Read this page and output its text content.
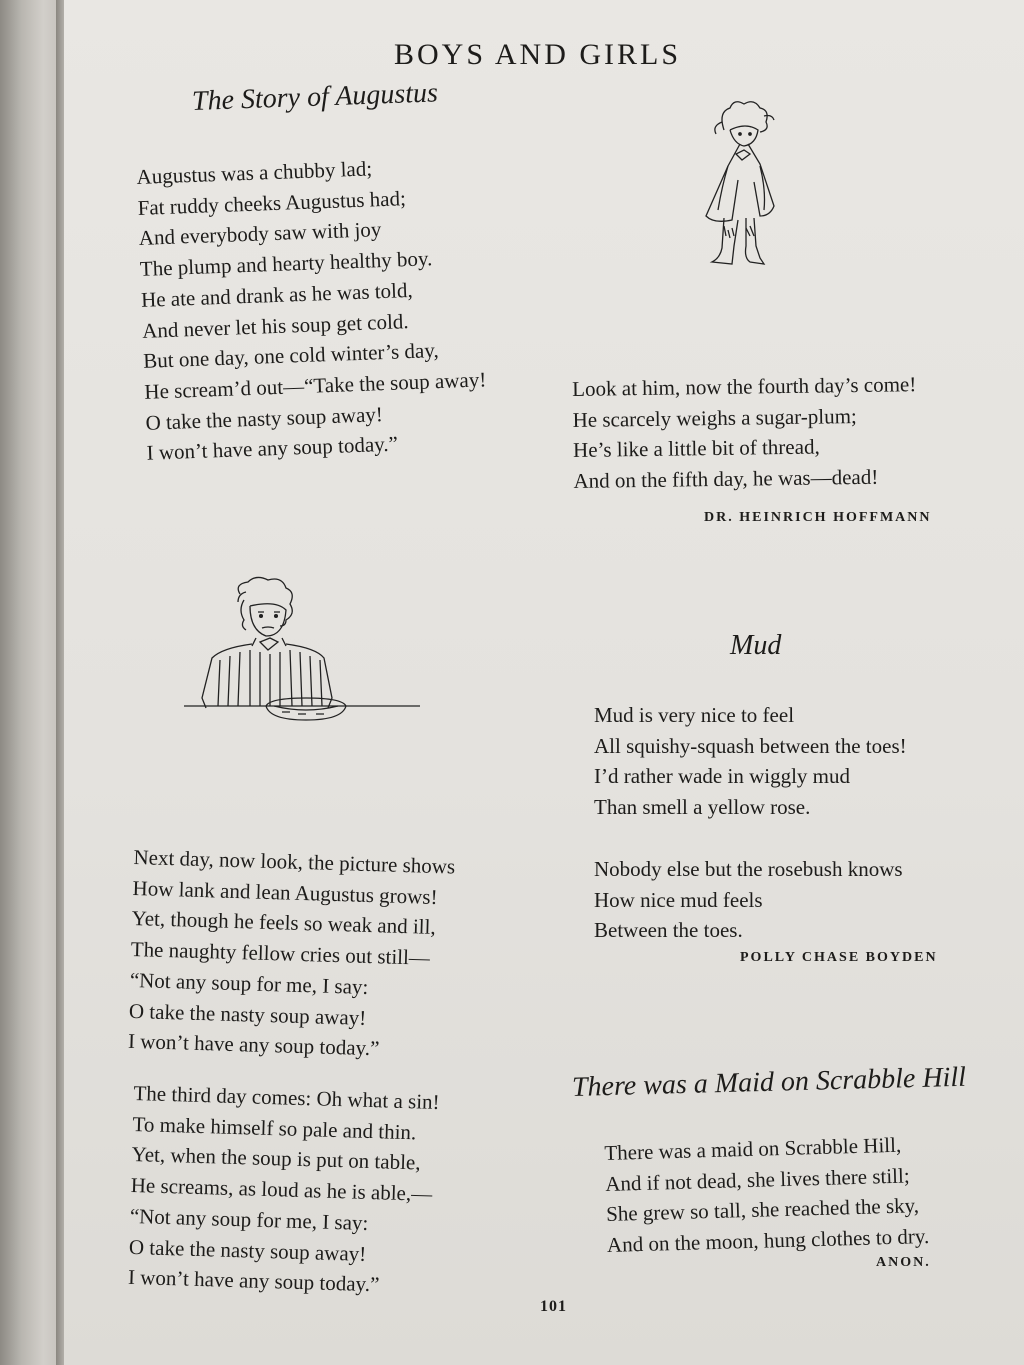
BOYS AND GIRLS
The Story of Augustus
Augustus was a chubby lad;
Fat ruddy cheeks Augustus had;
And everybody saw with joy
The plump and hearty healthy boy.
He ate and drank as he was told,
And never let his soup get cold.
But one day, one cold winter’s day,
He scream’d out—“Take the soup away!
O take the nasty soup away!
I won’t have any soup today.”
Look at him, now the fourth day’s come!
He scarcely weighs a sugar-plum;
He’s like a little bit of thread,
And on the fifth day, he was—dead!
DR. HEINRICH HOFFMANN
Mud
Mud is very nice to feel
All squishy-squash between the toes!
I’d rather wade in wiggly mud
Than smell a yellow rose.
Nobody else but the rosebush knows
How nice mud feels
Between the toes.
POLLY CHASE BOYDEN
Next day, now look, the picture shows
How lank and lean Augustus grows!
Yet, though he feels so weak and ill,
The naughty fellow cries out still—
“Not any soup for me, I say:
O take the nasty soup away!
I won’t have any soup today.”
The third day comes: Oh what a sin!
To make himself so pale and thin.
Yet, when the soup is put on table,
He screams, as loud as he is able,—
“Not any soup for me, I say:
O take the nasty soup away!
I won’t have any soup today.”
There was a Maid on Scrabble Hill
There was a maid on Scrabble Hill,
And if not dead, she lives there still;
She grew so tall, she reached the sky,
And on the moon, hung clothes to dry.
ANON.
101
